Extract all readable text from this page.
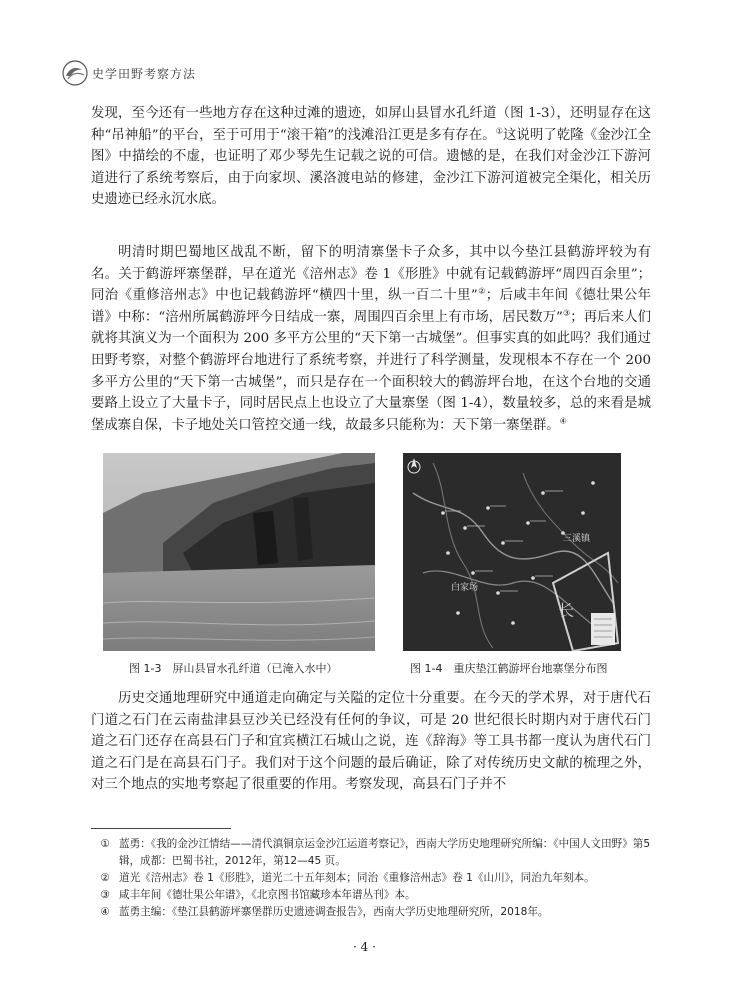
史学田野考察方法

发现，至今还有一些地方存在这种过滩的遗迹，如屏山县冒水孔纤道（图 1-3），还明显存在这种“吊神船”的平台，至于可用于“滚干箱”的浅滩沿江更是多有存在。①这说明了乾隆《金沙江全图》中描绘的不虚，也证明了邓少琴先生记载之说的可信。遗憾的是，在我们对金沙江下游河道进行了系统考察后，由于向家坝、溪洛渡电站的修建，金沙江下游河道被完全渠化，相关历史遗迹已经永沉水底。

明清时期巴蜀地区战乱不断，留下的明清寨堡卡子众多，其中以今垫江县鹤游坪较为有名。关于鹤游坪寨堡群，早在道光《涪州志》卷 1《形胜》中就有记载鹤游坪“周四百余里”；同治《重修涪州志》中也记载鹤游坪“横四十里，纵一百二十里”②；后咸丰年间《德壮果公年谱》中称：“涪州所属鹤游坪今日结成一寨，周围四百余里上有市场，居民数万”③；再后来人们就将其演义为一个面积为 200 多平方公里的“天下第一古城堡”。但事实真的如此吗？我们通过田野考察，对整个鹤游坪台地进行了系统考察，并进行了科学测量，发现根本不存在一个 200 多平方公里的“天下第一古城堡”，而只是存在一个面积较大的鹤游坪台地，在这个台地的交通要路上设立了大量卡子，同时居民点上也设立了大量寨堡（图 1-4），数量较多，总的来看是城堡成寨自保，卡子地处关口管控交通一线，故最多只能称为：天下第一寨堡群。④

白家场
三溪镇
长
图 1-3　屏山县冒水孔纤道（已淹入水中）	图 1-4　重庆垫江鹤游坪台地寨堡分布图

历史交通地理研究中通道走向确定与关隘的定位十分重要。在今天的学术界，对于唐代石门道之石门在云南盐津县豆沙关已经没有任何的争议，可是 20 世纪很长时期内对于唐代石门道之石门还存在高县石门子和宜宾横江石城山之说，连《辞海》等工具书都一度认为唐代石门道之石门是在高县石门子。我们对于这个问题的最后确证，除了对传统历史文献的梳理之外，对三个地点的实地考察起了很重要的作用。考察发现，高县石门子并不

① 蓝勇：《我的金沙江情结——清代滇铜京运金沙江运道考察记》，西南大学历史地理研究所编：《中国人文田野》第5辑，成都：巴蜀书社，2012年，第12—45 页。
② 道光《涪州志》卷 1《形胜》，道光二十五年刻本；同治《重修涪州志》卷 1《山川》，同治九年刻本。
③ 咸丰年间《德壮果公年谱》，《北京图书馆藏珍本年谱丛刊》本。
④ 蓝勇主编：《垫江县鹤游坪寨堡群历史遗迹调查报告》，西南大学历史地理研究所，2018年。
· 4 ·
